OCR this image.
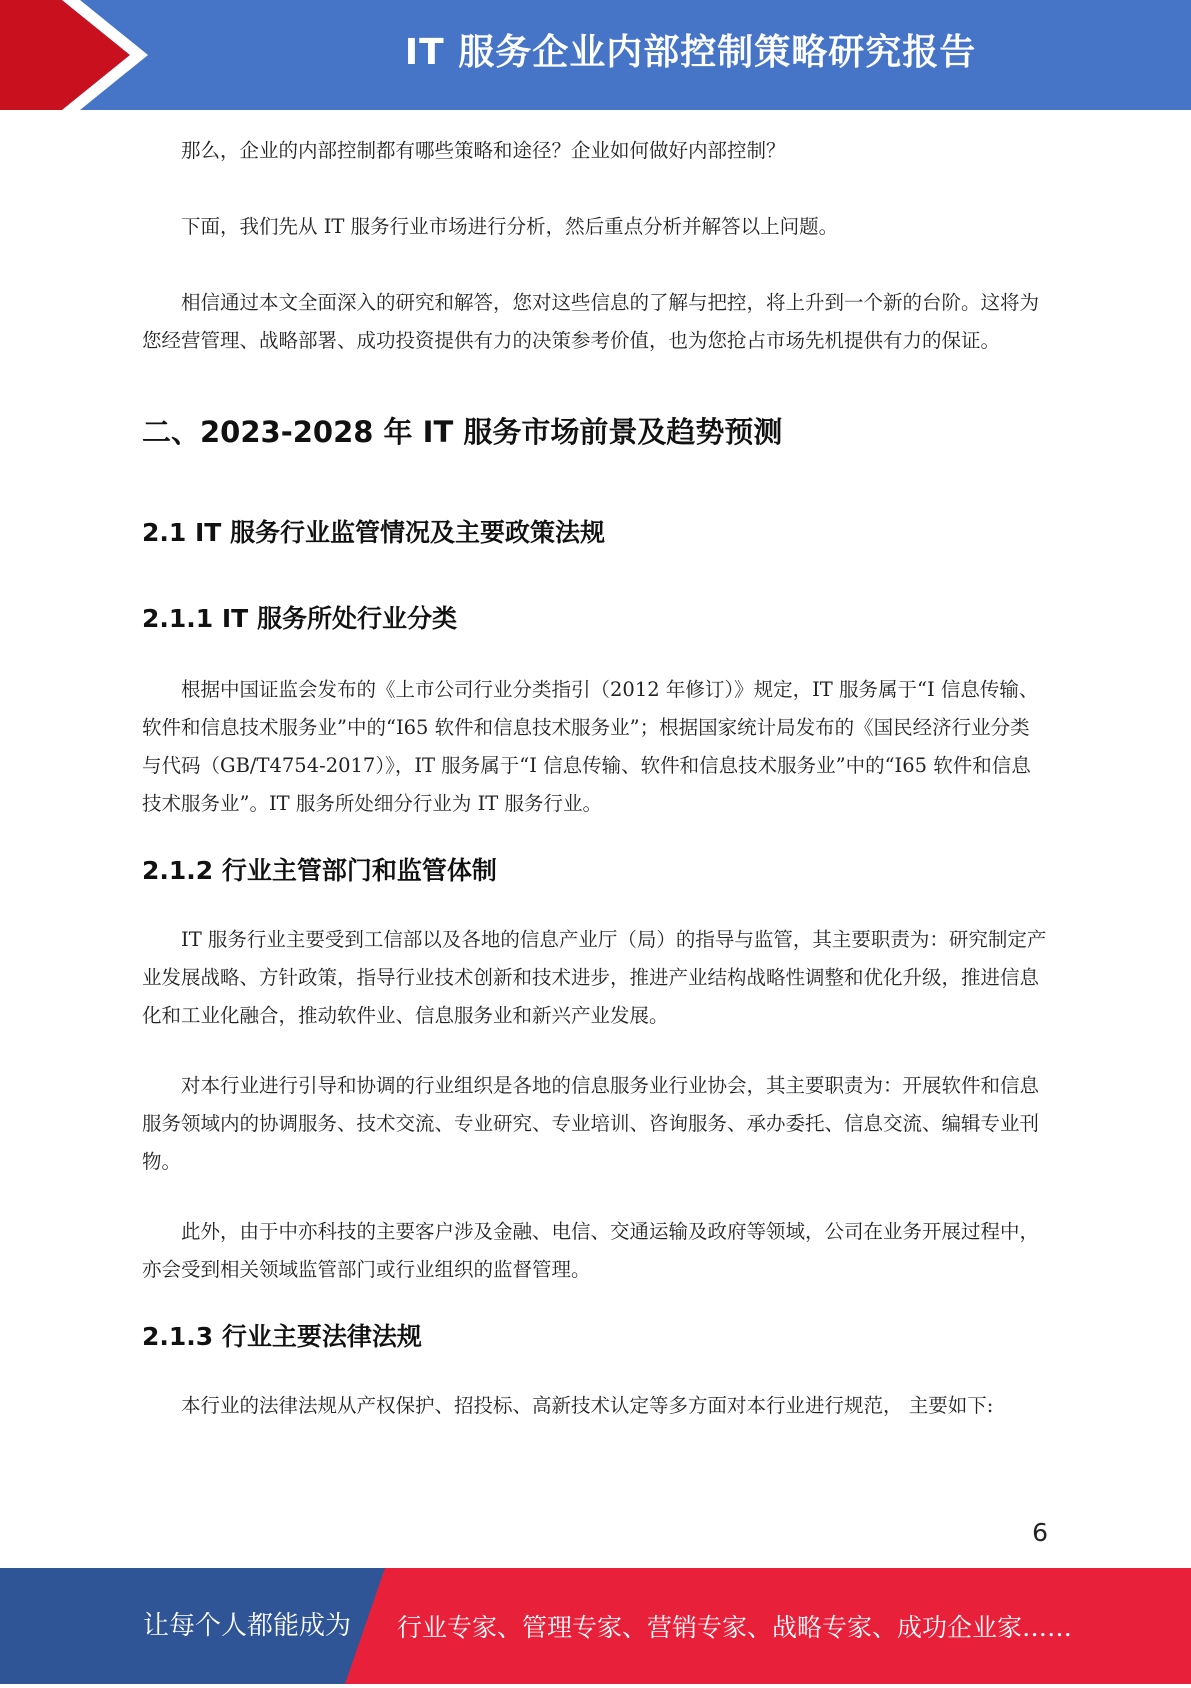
IT 服务企业内部控制策略研究报告

那么，企业的内部控制都有哪些策略和途径？企业如何做好内部控制？

下面，我们先从 IT 服务行业市场进行分析，然后重点分析并解答以上问题。

相信通过本文全面深入的研究和解答，您对这些信息的了解与把控，将上升到一个新的台阶。这将为您经营管理、战略部署、成功投资提供有力的决策参考价值，也为您抢占市场先机提供有力的保证。

二、2023-2028 年 IT 服务市场前景及趋势预测
2.1 IT 服务行业监管情况及主要政策法规
2.1.1 IT 服务所处行业分类

根据中国证监会发布的《上市公司行业分类指引（2012 年修订）》规定，IT 服务属于“I 信息传输、软件和信息技术服务业”中的“I65 软件和信息技术服务业”；根据国家统计局发布的《国民经济行业分类与代码（GB/T4754-2017）》，IT 服务属于“I 信息传输、软件和信息技术服务业”中的“I65 软件和信息技术服务业”。IT 服务所处细分行业为 IT 服务行业。

2.1.2 行业主管部门和监管体制

IT 服务行业主要受到工信部以及各地的信息产业厅（局）的指导与监管，其主要职责为：研究制定产业发展战略、方针政策，指导行业技术创新和技术进步，推进产业结构战略性调整和优化升级，推进信息化和工业化融合，推动软件业、信息服务业和新兴产业发展。

对本行业进行引导和协调的行业组织是各地的信息服务业行业协会，其主要职责为：开展软件和信息服务领域内的协调服务、技术交流、专业研究、专业培训、咨询服务、承办委托、信息交流、编辑专业刊物。

此外，由于中亦科技的主要客户涉及金融、电信、交通运输及政府等领域，公司在业务开展过程中，亦会受到相关领域监管部门或行业组织的监督管理。

2.1.3 行业主要法律法规

本行业的法律法规从产权保护、招投标、高新技术认定等多方面对本行业进行规范， 主要如下:

6
让每个人都能成为 行业专家、管理专家、营销专家、战略专家、成功企业家……
